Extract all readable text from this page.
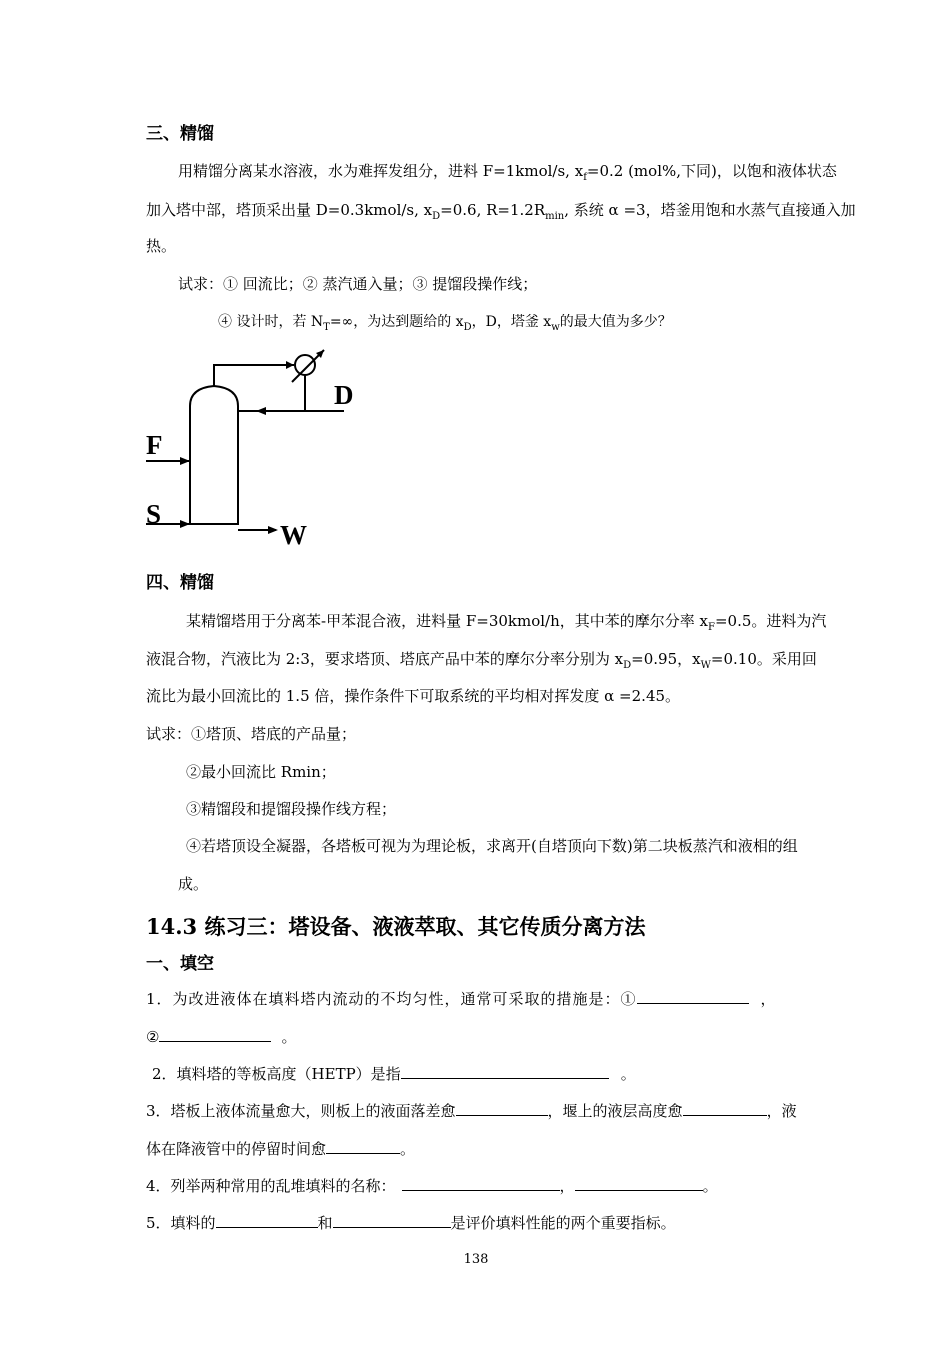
三、精馏
用精馏分离某水溶液，水为难挥发组分，进料 F=1kmol/s, $x_f=0.2$ (mol%,下同)，以饱和液体状态
加入塔中部，塔顶采出量 D=0.3kmol/s, $x_D=0.6$, $R=1.2R_{min}$, 系统 α =3，塔釜用饱和水蒸气直接通入加
热。
试求：① 回流比；② 蒸汽通入量；③ 提馏段操作线；
④ 设计时，若 $N_T=\infty$，为达到题给的 $x_D$，D，塔釜 $x_w$的最大值为多少？
D
F
S
W
四、精馏
某精馏塔用于分离苯-甲苯混合液，进料量 F=30kmol/h，其中苯的摩尔分率 $x_F=0.5$。进料为汽
液混合物，汽液比为 2:3，要求塔顶、塔底产品中苯的摩尔分率分别为 $x_D=0.95$，$x_W=0.10$。采用回
流比为最小回流比的 1.5 倍，操作条件下可取系统的平均相对挥发度 α =2.45。
试求：①塔顶、塔底的产品量；
②最小回流比 Rmin；
③精馏段和提馏段操作线方程；
④若塔顶设全凝器，各塔板可视为为理论板，求离开(自塔顶向下数)第二块板蒸汽和液相的组
成。
14.3 练习三：塔设备、液液萃取、其它传质分离方法
一、填空
1．为改进液体在填料塔内流动的不均匀性，通常可采取的措施是：①	，
②	。
2．填料塔的等板高度（HETP）是指	。
3．塔板上液体流量愈大，则板上的液面落差愈	，堰上的液层高度愈	，液
体在降液管中的停留时间愈	。
4．列举两种常用的乱堆填料的名称：	，	。
5．填料的	和	是评价填料性能的两个重要指标。
138
